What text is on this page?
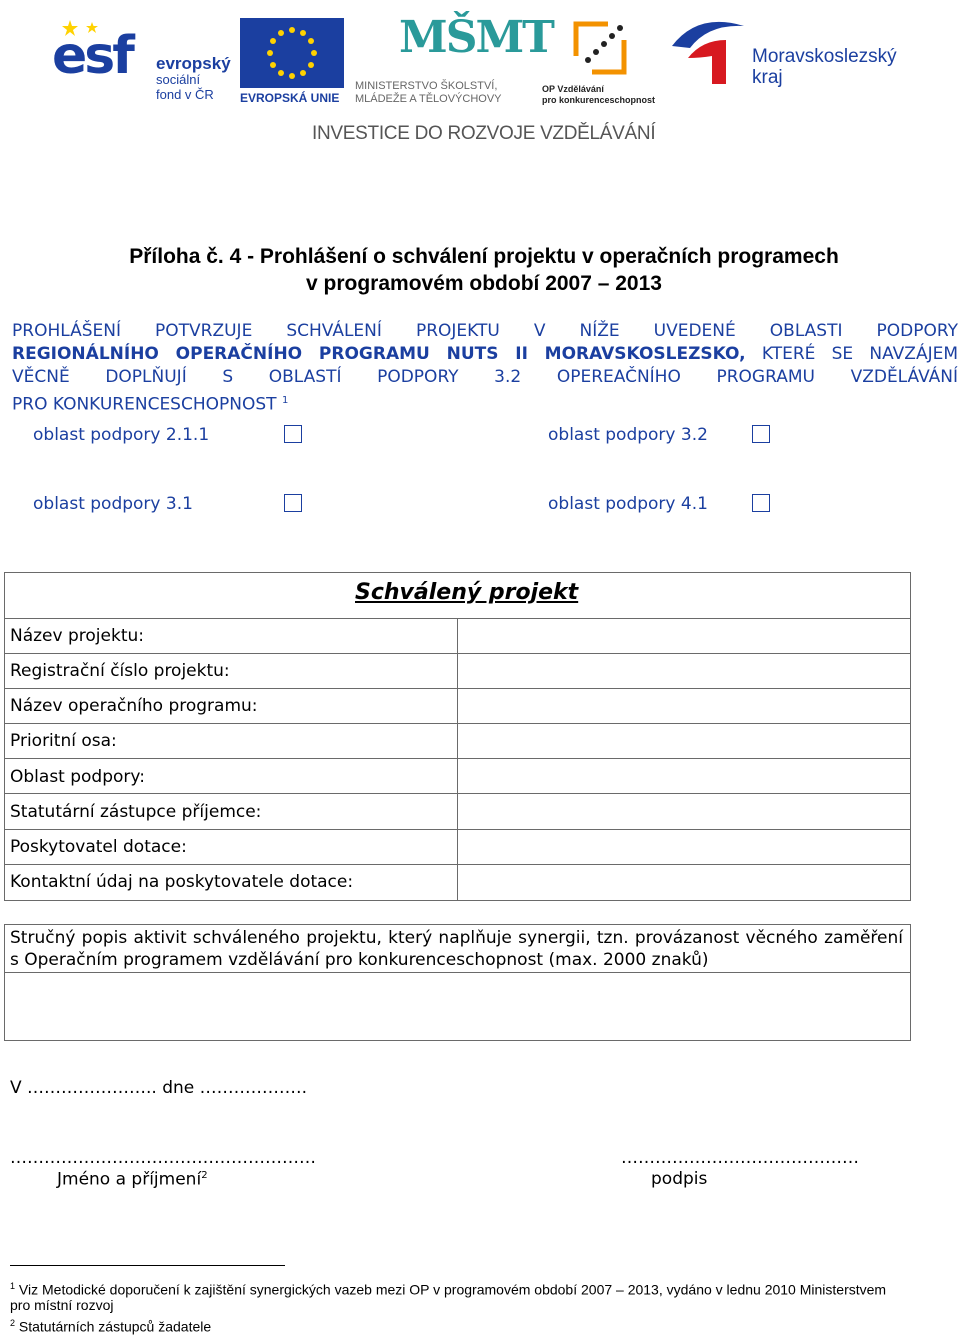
esf evropský
sociální
fond v ČR	EVROPSKÁ UNIE
MŠMT
MINISTERSTVO ŠKOLSTVÍ,
MLÁDEŽE A TĚLOVÝCHOVY
OP Vzdělávání
pro konkurenceschopnost
Moravskoslezský
kraj
INVESTICE DO ROZVOJE VZDĚLÁVÁNÍ
Příloha č. 4 - Prohlášení o schválení projektu v operačních programech
v programovém období 2007 – 2013
PROHLÁŠENÍ POTVRZUJE SCHVÁLENÍ PROJEKTU V NÍŽE UVEDENÉ OBLASTI PODPORY
REGIONÁLNÍHO OPERAČNÍHO PROGRAMU NUTS II MORAVSKOSLEZSKO, KTERÉ SE NAVZÁJEM
VĚCNĚ DOPLŇUJÍ S OBLASTÍ PODPORY 3.2 OPEREAČNÍHO PROGRAMU VZDĚLÁVÁNÍ
PRO KONKURENCESCHOPNOST $^1$
oblast podpory 2.1.1	oblast podpory 3.2
oblast podpory 3.1	oblast podpory 4.1
Schválený projekt
Název projektu:
Registrační číslo projektu:
Název operačního programu:
Prioritní osa:
Oblast podpory:
Statutární zástupce příjemce:
Poskytovatel dotace:
Kontaktní údaj na poskytovatele dotace:
Stručný popis aktivit schváleného projektu, který naplňuje synergii, tzn. provázanost věcného zaměření
s Operačním programem vzdělávání pro konkurenceschopnost (max. 2000 znaků)
V ………………….. dne ……………….
………………………………………………	……………………………………
Jméno a příjmení$^2$	podpis
$^1$ Viz Metodické doporučení k zajištění synergických vazeb mezi OP v programovém období 2007 – 2013, vydáno v lednu 2010 Ministerstvem
pro místní rozvoj
$^2$ Statutárních zástupců žadatele
